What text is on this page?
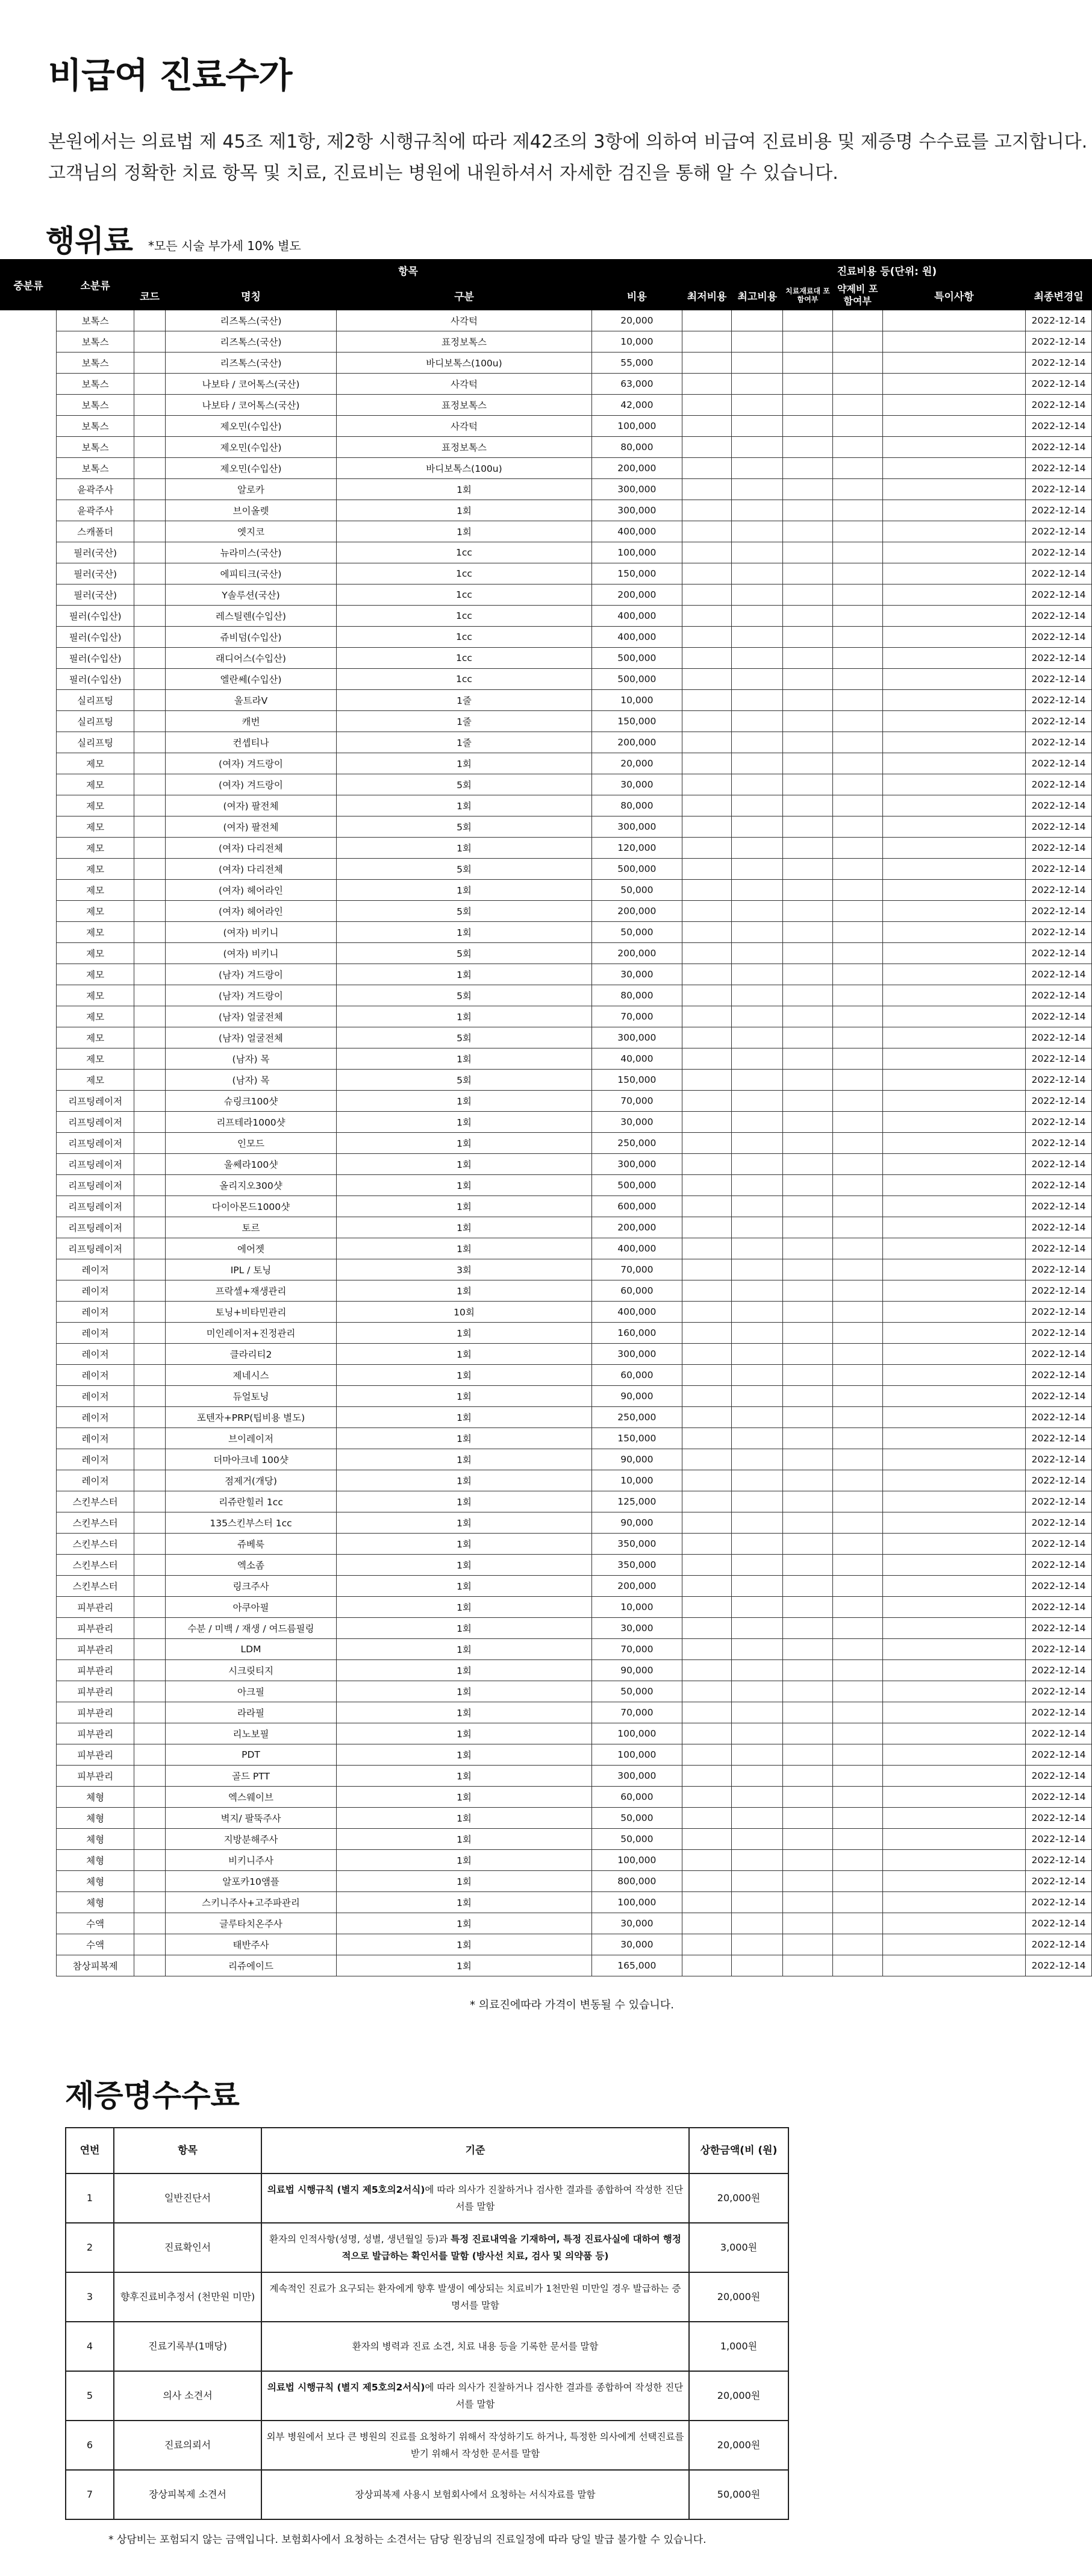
비급여 진료수가

본원에서는 의료법 제 45조 제1항, 제2항 시행규칙에 따라 제42조의 3항에 의하여 비급여 진료비용 및 제증명 수수료를 고지합니다.

고객님의 정확한 치료 항목 및 치료, 진료비는 병원에 내원하셔서 자세한 검진을 통해 알 수 있습니다.

행위료 *모든 시술 부가세 10% 별도
중분류	소분류	항목				진료비용 등(단위: 원)					
		코드	명칭	구분	비용	최저비용	최고비용	치료재료대 포함여부	약제비 포함여부	특이사항	최종변경일
	보톡스		리즈톡스(국산)	사각턱	20,000						2022-12-14
	보톡스		리즈톡스(국산)	표정보톡스	10,000						2022-12-14
	보톡스		리즈톡스(국산)	바디보톡스(100u)	55,000						2022-12-14
	보톡스		나보타 / 코어톡스(국산)	사각턱	63,000						2022-12-14
	보톡스		나보타 / 코어톡스(국산)	표정보톡스	42,000						2022-12-14
	보톡스		제오민(수입산)	사각턱	100,000						2022-12-14
	보톡스		제오민(수입산)	표정보톡스	80,000						2022-12-14
	보톡스		제오민(수입산)	바디보톡스(100u)	200,000						2022-12-14
	윤곽주사		알로카	1회	300,000						2022-12-14
	윤곽주사		브이올렛	1회	300,000						2022-12-14
	스캐폴더		엣지코	1회	400,000						2022-12-14
	필러(국산)		뉴라미스(국산)	1cc	100,000						2022-12-14
	필러(국산)		에피티크(국산)	1cc	150,000						2022-12-14
	필러(국산)		Y솔루션(국산)	1cc	200,000						2022-12-14
	필러(수입산)		레스틸렌(수입산)	1cc	400,000						2022-12-14
	필러(수입산)		쥬비덤(수입산)	1cc	400,000						2022-12-14
	필러(수입산)		래디어스(수입산)	1cc	500,000						2022-12-14
	필러(수입산)		엘란쎄(수입산)	1cc	500,000						2022-12-14
	실리프팅		울트라V	1줄	10,000						2022-12-14
	실리프팅		캐번	1줄	150,000						2022-12-14
	실리프팅		컨셉티나	1줄	200,000						2022-12-14
	제모		(여자) 겨드랑이	1회	20,000						2022-12-14
	제모		(여자) 겨드랑이	5회	30,000						2022-12-14
	제모		(여자) 팔전체	1회	80,000						2022-12-14
	제모		(여자) 팔전체	5회	300,000						2022-12-14
	제모		(여자) 다리전체	1회	120,000						2022-12-14
	제모		(여자) 다리전체	5회	500,000						2022-12-14
	제모		(여자) 헤어라인	1회	50,000						2022-12-14
	제모		(여자) 헤어라인	5회	200,000						2022-12-14
	제모		(여자) 비키니	1회	50,000						2022-12-14
	제모		(여자) 비키니	5회	200,000						2022-12-14
	제모		(남자) 겨드랑이	1회	30,000						2022-12-14
	제모		(남자) 겨드랑이	5회	80,000						2022-12-14
	제모		(남자) 얼굴전체	1회	70,000						2022-12-14
	제모		(남자) 얼굴전체	5회	300,000						2022-12-14
	제모		(남자) 목	1회	40,000						2022-12-14
	제모		(남자) 목	5회	150,000						2022-12-14
	리프팅레이저		슈링크100샷	1회	70,000						2022-12-14
	리프팅레이저		리프테라1000샷	1회	30,000						2022-12-14
	리프팅레이저		인모드	1회	250,000						2022-12-14
	리프팅레이저		울쎄라100샷	1회	300,000						2022-12-14
	리프팅레이저		올리지오300샷	1회	500,000						2022-12-14
	리프팅레이저		다이아몬드1000샷	1회	600,000						2022-12-14
	리프팅레이저		토르	1회	200,000						2022-12-14
	리프팅레이저		에어젯	1회	400,000						2022-12-14
	레이저		IPL / 토닝	3회	70,000						2022-12-14
	레이저		프락셀+재생관리	1회	60,000						2022-12-14
	레이저		토닝+비타민관리	10회	400,000						2022-12-14
	레이저		미인레이저+진정관리	1회	160,000						2022-12-14
	레이저		클라리티2	1회	300,000						2022-12-14
	레이저		제네시스	1회	60,000						2022-12-14
	레이저		듀얼토닝	1회	90,000						2022-12-14
	레이저		포텐자+PRP(팁비용 별도)	1회	250,000						2022-12-14
	레이저		브이레이저	1회	150,000						2022-12-14
	레이저		더마아크네 100샷	1회	90,000						2022-12-14
	레이저		점제거(개당)	1회	10,000						2022-12-14
	스킨부스터		리쥬란힐러 1cc	1회	125,000						2022-12-14
	스킨부스터		135스킨부스터 1cc	1회	90,000						2022-12-14
	스킨부스터		쥬베룩	1회	350,000						2022-12-14
	스킨부스터		엑소좀	1회	350,000						2022-12-14
	스킨부스터		링크주사	1회	200,000						2022-12-14
	피부관리		아쿠아필	1회	10,000						2022-12-14
	피부관리		수분 / 미백 / 재생 / 여드름필링	1회	30,000						2022-12-14
	피부관리		LDM	1회	70,000						2022-12-14
	피부관리		시크릿티지	1회	90,000						2022-12-14
	피부관리		아크필	1회	50,000						2022-12-14
	피부관리		라라필	1회	70,000						2022-12-14
	피부관리		리노보필	1회	100,000						2022-12-14
	피부관리		PDT	1회	100,000						2022-12-14
	피부관리		골드 PTT	1회	300,000						2022-12-14
	체형		엑스웨이브	1회	60,000						2022-12-14
	체형		벽지/ 팔뚝주사	1회	50,000						2022-12-14
	체형		지방분해주사	1회	50,000						2022-12-14
	체형		비키니주사	1회	100,000						2022-12-14
	체형		알포카10앰플	1회	800,000						2022-12-14
	체형		스키니주사+고주파관리	1회	100,000						2022-12-14
	수액		글루타치온주사	1회	30,000						2022-12-14
	수액		태반주사	1회	30,000						2022-12-14
	참상피복제		리쥬에이드	1회	165,000						2022-12-14
* 의료진에따라 가격이 변동될 수 있습니다.
제증명수수료
연번	항목	기준	상한금액(비 (원)
1	일반진단서	의료법 시행규칙 (별지 제5호의2서식)에 따라 의사가 진찰하거나 검사한 결과를 종합하여 작성한 진단서를 말함	20,000원
2	진료확인서	환자의 인적사항(성명, 성별, 생년월일 등)과 특정 진료내역을 기재하여, 특정 진료사실에 대하여 행정적으로 발급하는 확인서를 말함 (방사선 치료, 검사 및 의약품 등)	3,000원
3	향후진료비추정서 (천만원 미만)	계속적인 진료가 요구되는 환자에게 향후 발생이 예상되는 치료비가 1천만원 미만일 경우 발급하는 증명서를 말함	20,000원
4	진료기록부(1매당)	환자의 병력과 진료 소견, 치료 내용 등을 기록한 문서를 말함	1,000원
5	의사 소견서	의료법 시행규칙 (별지 제5호의2서식)에 따라 의사가 진찰하거나 검사한 결과를 종합하여 작성한 진단서를 말함	20,000원
6	진료의뢰서	외부 병원에서 보다 큰 병원의 진료를 요청하기 위해서 작성하기도 하거나, 특정한 의사에게 선택진료를 받기 위해서 작성한 문서를 말함	20,000원
7	장상피복제 소견서	장상피복제 사용시 보험회사에서 요청하는 서식자료를 말함	50,000원
* 상담비는 포험되지 않는 금액입니다. 보험회사에서 요청하는 소견서는 담당 원장님의 진료일정에 따라 당일 발급 불가할 수 있습니다.
